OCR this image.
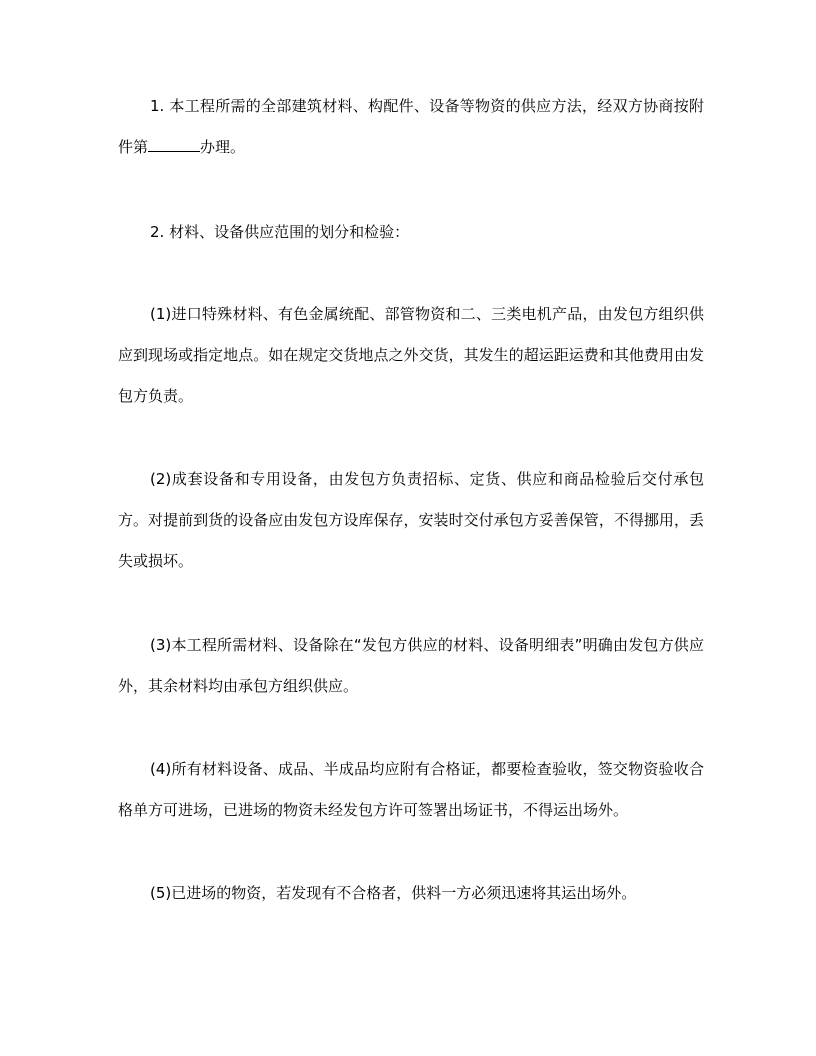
1. 本工程所需的全部建筑材料、构配件、设备等物资的供应方法，经双方协商按附件第	办理。

2. 材料、设备供应范围的划分和检验：

(1)进口特殊材料、有色金属统配、部管物资和二、三类电机产品，由发包方组织供应到现场或指定地点。如在规定交货地点之外交货，其发生的超运距运费和其他费用由发包方负责。

(2)成套设备和专用设备，由发包方负责招标、定货、供应和商品检验后交付承包方。对提前到货的设备应由发包方设库保存，安装时交付承包方妥善保管，不得挪用，丢失或损坏。

(3)本工程所需材料、设备除在“发包方供应的材料、设备明细表”明确由发包方供应外，其余材料均由承包方组织供应。

(4)所有材料设备、成品、半成品均应附有合格证，都要检查验收，签交物资验收合格单方可进场，已进场的物资未经发包方许可签署出场证书，不得运出场外。

(5)已进场的物资，若发现有不合格者，供料一方必须迅速将其运出场外。
